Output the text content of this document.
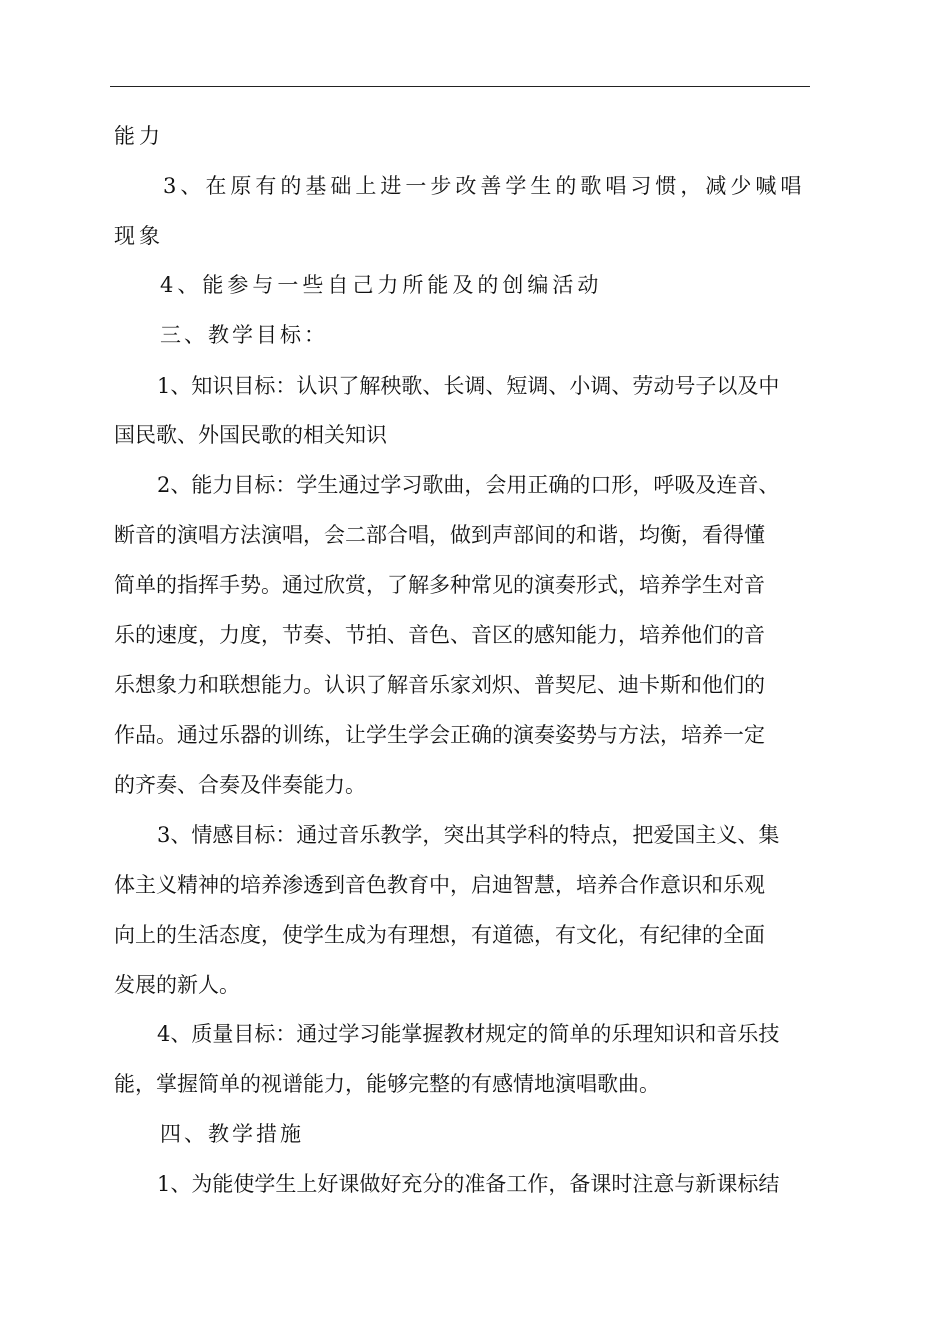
能力
3、在原有的基础上进一步改善学生的歌唱习惯，减少喊唱
现象
4、能参与一些自己力所能及的创编活动
三、教学目标：
1、知识目标：认识了解秧歌、长调、短调、小调、劳动号子以及中
国民歌、外国民歌的相关知识
2、能力目标：学生通过学习歌曲，会用正确的口形，呼吸及连音、
断音的演唱方法演唱，会二部合唱，做到声部间的和谐，均衡，看得懂
简单的指挥手势。通过欣赏，了解多种常见的演奏形式，培养学生对音
乐的速度，力度，节奏、节拍、音色、音区的感知能力，培养他们的音
乐想象力和联想能力。认识了解音乐家刘炽、普契尼、迪卡斯和他们的
作品。通过乐器的训练，让学生学会正确的演奏姿势与方法，培养一定
的齐奏、合奏及伴奏能力。
3、情感目标：通过音乐教学，突出其学科的特点，把爱国主义、集
体主义精神的培养渗透到音色教育中，启迪智慧，培养合作意识和乐观
向上的生活态度，使学生成为有理想，有道德，有文化，有纪律的全面
发展的新人。
4、质量目标：通过学习能掌握教材规定的简单的乐理知识和音乐技
能，掌握简单的视谱能力，能够完整的有感情地演唱歌曲。
四、教学措施
1、为能使学生上好课做好充分的准备工作，备课时注意与新课标结
